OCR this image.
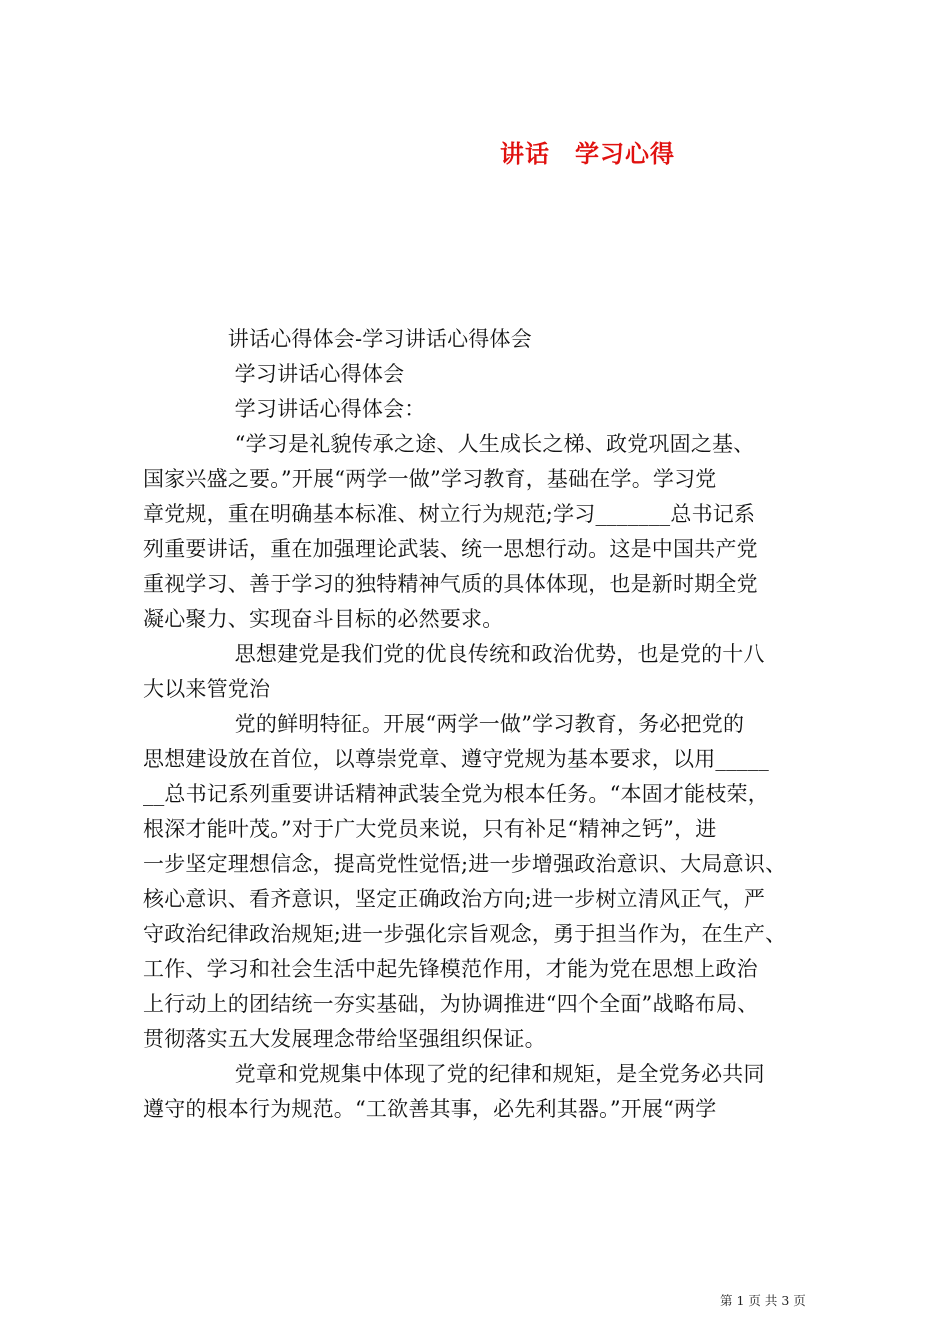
讲话　学习心得
　　　　讲话心得体会-学习讲话心得体会
　　　　 学习讲话心得体会
　　　　 学习讲话心得体会：
　　　　 “学习是礼貌传承之途、人生成长之梯、政党巩固之基、
国家兴盛之要。”开展“两学一做”学习教育，基础在学。学习党
章党规，重在明确基本标准、树立行为规范;学习_______总书记系
列重要讲话，重在加强理论武装、统一思想行动。这是中国共产党
重视学习、善于学习的独特精神气质的具体体现，也是新时期全党
凝心聚力、实现奋斗目标的必然要求。
　　　　 思想建党是我们党的优良传统和政治优势，也是党的十八
大以来管党治
　　　　 党的鲜明特征。开展“两学一做”学习教育，务必把党的
思想建设放在首位，以尊崇党章、遵守党规为基本要求，以用_____
__总书记系列重要讲话精神武装全党为根本任务。“本固才能枝荣，
根深才能叶茂。”对于广大党员来说，只有补足“精神之钙”，进
一步坚定理想信念，提高党性觉悟;进一步增强政治意识、大局意识、
核心意识、看齐意识，坚定正确政治方向;进一步树立清风正气，严
守政治纪律政治规矩;进一步强化宗旨观念，勇于担当作为，在生产、
工作、学习和社会生活中起先锋模范作用，才能为党在思想上政治
上行动上的团结统一夯实基础，为协调推进“四个全面”战略布局、
贯彻落实五大发展理念带给坚强组织保证。
　　　　 党章和党规集中体现了党的纪律和规矩，是全党务必共同
遵守的根本行为规范。“工欲善其事，必先利其器。”开展“两学
第 1 页 共 3 页
